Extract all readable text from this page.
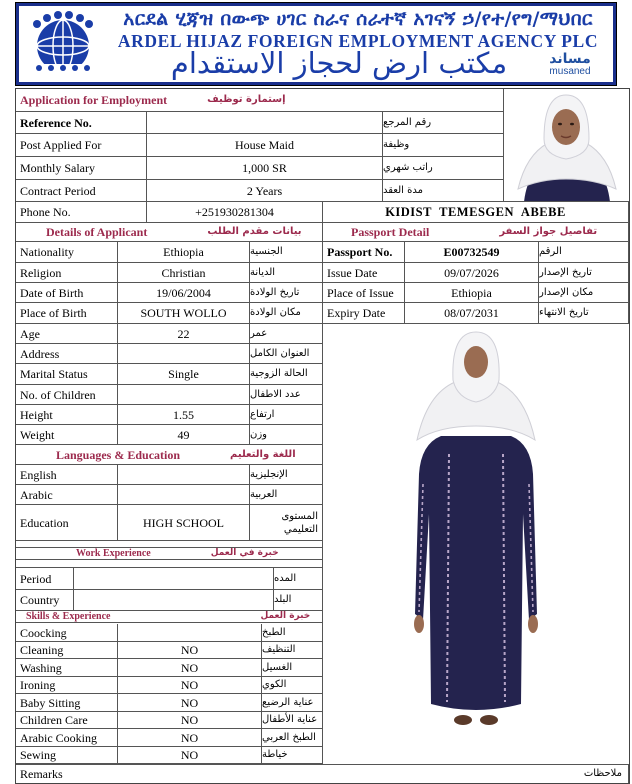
አርደል ሂጃዝ በውጭ ሀገር ስራና ሰራተኛ አገናኝ ኃ/የተ/የግ/ማህበር
ARDEL HIJAZ FOREIGN EMPLOYMENT AGENCY PLC
مكتب ارض لحجاز الاستقدام	مساند
musaned
Application for Employment	إستمارة توظيف
Reference No.	رقم المرجع
Post Applied For	House Maid	وظيفة
Monthly Salary	1,000 SR	راتب شهري
Contract Period	2 Years	مدة العقد
Phone No.	+251930281304	KIDIST TEMESGEN ABEBE
Details of Applicant	بيانات مقدم الطلب	Passport Detail	تفاصيل جواز السفر
Nationality	Ethiopia	الجنسية
Religion	Christian	الديانة
Date of Birth	19/06/2004	تاريخ الولادة
Place of Birth	SOUTH WOLLO	مكان الولادة
Age	22	عمر
Address	العنوان الكامل
Marital Status	Single	الحالة الزوجية
No. of Children	عدد الاطفال
Height	1.55	ارتفاع
Weight	49	وزن
Passport No.	E00732549	الرقم
Issue Date	09/07/2026	تاريخ الإصدار
Place of Issue	Ethiopia	مكان الإصدار
Expiry Date	08/07/2031	تاريخ الانتهاء
Languages & Education	اللغة والتعليم
English	الإنجليزية
Arabic	العربية
Education	HIGH SCHOOL	المستوى التعليمي
Work Experience	خبرة في العمل
Period	المده
Country	البلد
Skills & Experience	خبرة العمل
Coocking	الطبخ
Cleaning	NO	التنظيف
Washing	NO	الغسيل
Ironing	NO	الكوي
Baby Sitting	NO	عناية الرضيع
Children Care	NO	عناية الأطفال
Arabic Cooking	NO	الطبخ العربي
Sewing	NO	خياطة
Remarks	ملاحظات
